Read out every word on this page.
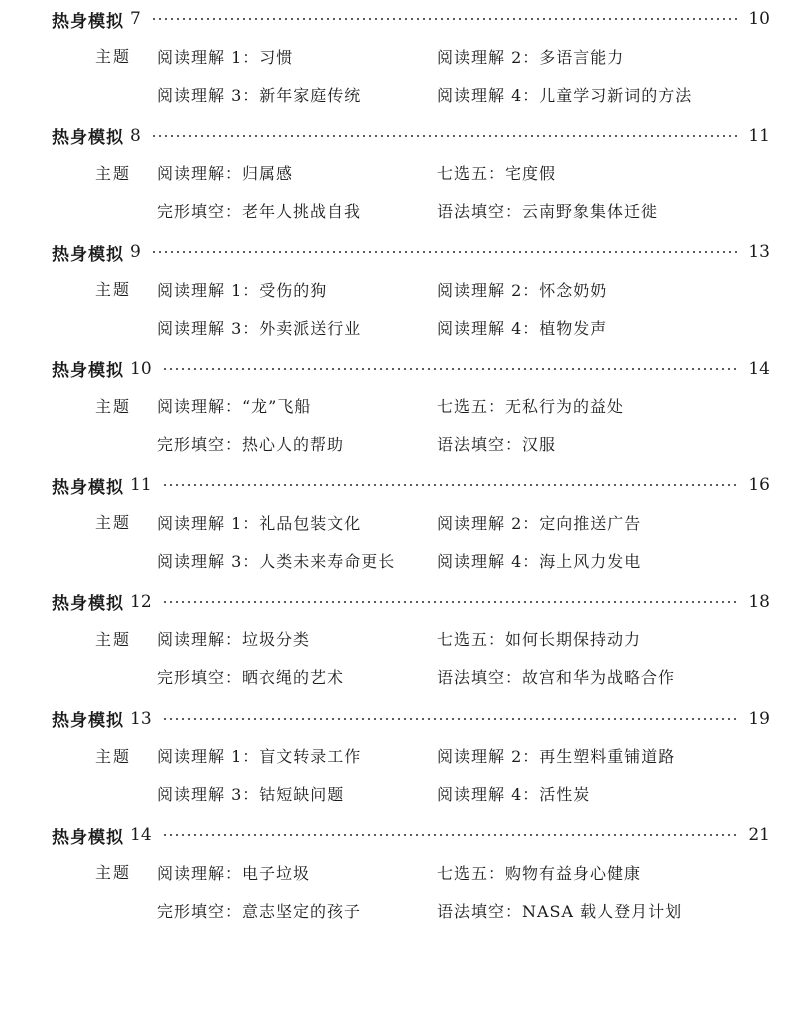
热身模拟 7	10
主题 阅读理解 1：习惯	阅读理解 2：多语言能力
阅读理解 3：新年家庭传统	阅读理解 4：儿童学习新词的方法
热身模拟 8	11
主题 阅读理解：归属感	七选五：宅度假
完形填空：老年人挑战自我	语法填空：云南野象集体迁徙
热身模拟 9	13
主题 阅读理解 1：受伤的狗	阅读理解 2：怀念奶奶
阅读理解 3：外卖派送行业	阅读理解 4：植物发声
热身模拟 10	14
主题 阅读理解：“龙”飞船	七选五：无私行为的益处
完形填空：热心人的帮助	语法填空：汉服
热身模拟 11	16
主题 阅读理解 1：礼品包装文化	阅读理解 2：定向推送广告
阅读理解 3：人类未来寿命更长	阅读理解 4：海上风力发电
热身模拟 12	18
主题 阅读理解：垃圾分类	七选五：如何长期保持动力
完形填空：晒衣绳的艺术	语法填空：故宫和华为战略合作
热身模拟 13	19
主题 阅读理解 1：盲文转录工作	阅读理解 2：再生塑料重铺道路
阅读理解 3：钴短缺问题	阅读理解 4：活性炭
热身模拟 14	21
主题 阅读理解：电子垃圾	七选五：购物有益身心健康
完形填空：意志坚定的孩子	语法填空：NASA 载人登月计划
